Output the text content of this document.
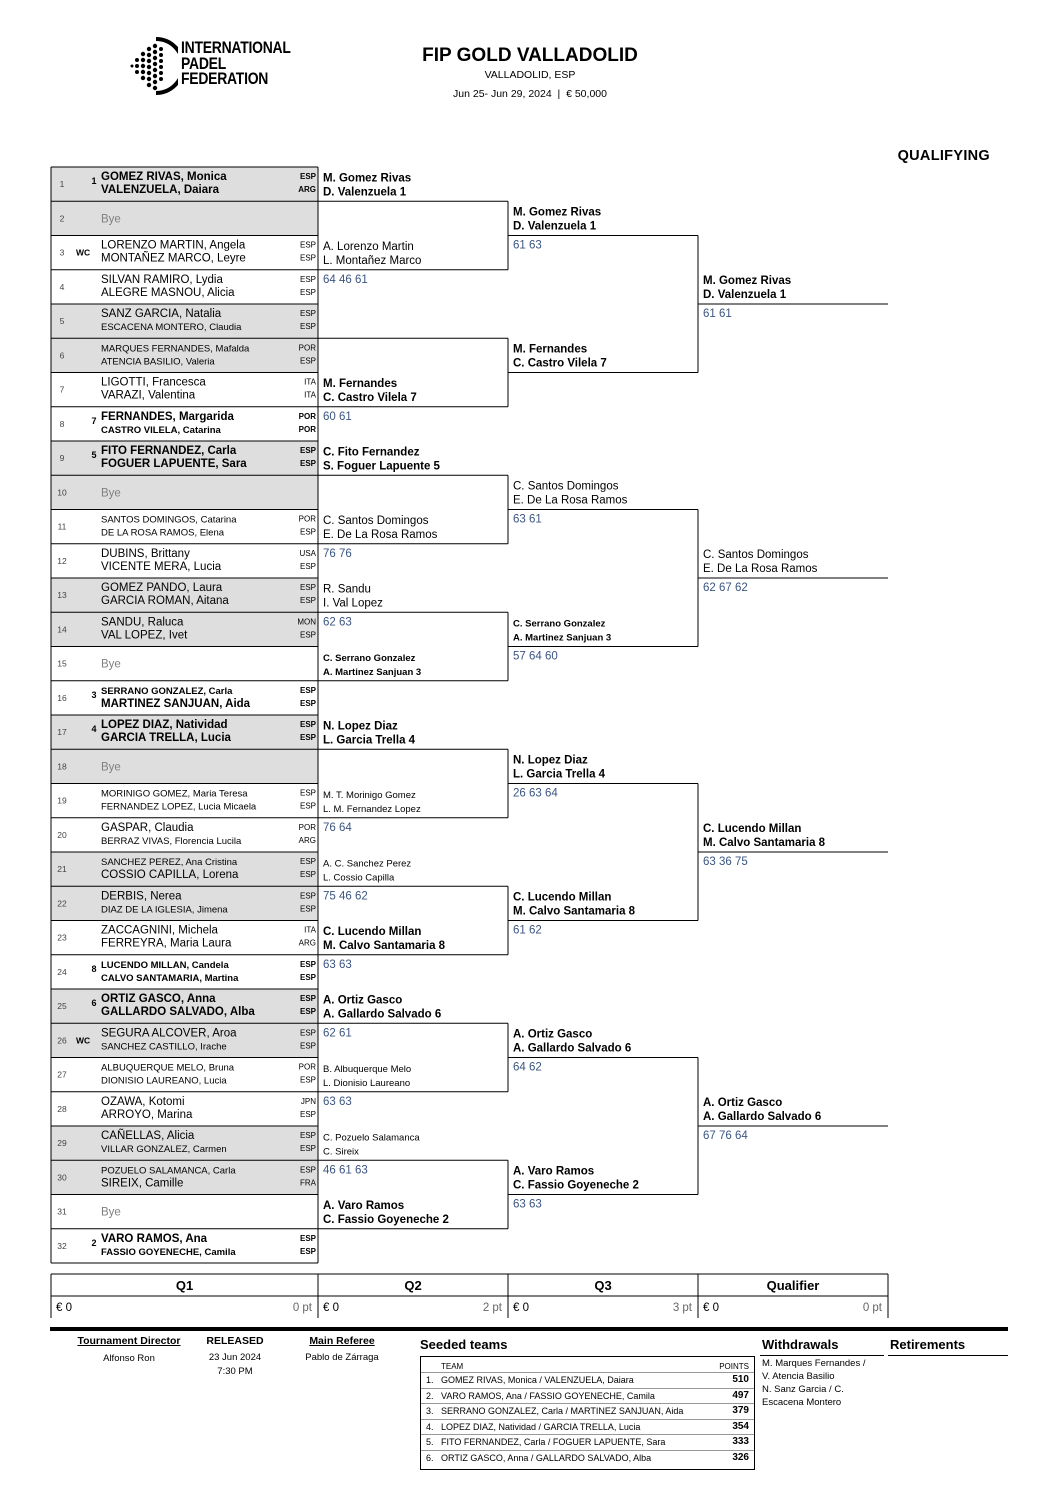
INTERNATIONAL
PADEL
FEDERATION
FIP GOLD VALLADOLID
VALLADOLID, ESP
Jun 25- Jun 29, 2024  |  € 50,000
QUALIFYING
1	1 GOMEZ RIVAS, Monica	ESP
VALENZUELA, Daiara	ARG
2	Bye
3 WC
LORENZO MARTIN, Angela	ESP
MONTAÑEZ MARCO, Leyre	ESP
4
SILVAN RAMIRO, Lydia	ESP
ALEGRE MASNOU, Alicia	ESP
5
SANZ GARCIA, Natalia	ESP
ESCACENA MONTERO, Claudia	ESP
6
MARQUES FERNANDES, Mafalda	POR
ATENCIA BASILIO, Valeria	ESP
7
LIGOTTI, Francesca	ITA
VARAZI, Valentina	ITA
8	7 FERNANDES, Margarida	POR
CASTRO VILELA, Catarina	POR
9	5 FITO FERNANDEZ, Carla	ESP
FOGUER LAPUENTE, Sara	ESP
10	Bye
11
SANTOS DOMINGOS, Catarina	POR
DE LA ROSA RAMOS, Elena	ESP
12
DUBINS, Brittany	USA
VICENTE MERA, Lucia	ESP
13
GOMEZ PANDO, Laura	ESP
GARCIA ROMAN, Aitana	ESP
14
SANDU, Raluca	MON
VAL LOPEZ, Ivet	ESP
15	Bye
16	3 SERRANO GONZALEZ, Carla	ESP
MARTINEZ SANJUAN, Aida	ESP
17	4 LOPEZ DIAZ, Natividad	ESP
GARCIA TRELLA, Lucia	ESP
18	Bye
19
MORINIGO GOMEZ, Maria Teresa	ESP
FERNANDEZ LOPEZ, Lucia Micaela	ESP
20
GASPAR, Claudia	POR
BERRAZ VIVAS, Florencia Lucila	ARG
21
SANCHEZ PEREZ, Ana Cristina	ESP
COSSIO CAPILLA, Lorena	ESP
22
DERBIS, Nerea	ESP
DIAZ DE LA IGLESIA, Jimena	ESP
23
ZACCAGNINI, Michela	ITA
FERREYRA, Maria Laura	ARG
24	8 LUCENDO MILLAN, Candela	ESP
CALVO SANTAMARIA, Martina	ESP
25	6 ORTIZ GASCO, Anna	ESP
GALLARDO SALVADO, Alba	ESP
26 WC
SEGURA ALCOVER, Aroa	ESP
SANCHEZ CASTILLO, Irache	ESP
27
ALBUQUERQUE MELO, Bruna	POR
DIONISIO LAUREANO, Lucia	ESP
28
OZAWA, Kotomi	JPN
ARROYO, Marina	ESP
29
CAÑELLAS, Alicia	ESP
VILLAR GONZALEZ, Carmen	ESP
30
POZUELO SALAMANCA, Carla	ESP
SIREIX, Camille	FRA
31	Bye
32	2 VARO RAMOS, Ana	ESP
FASSIO GOYENECHE, Camila	ESP
M. Gomez Rivas
D. Valenzuela 1
A. Lorenzo Martin
L. Montañez Marco
64 46 61
M. Fernandes
C. Castro Vilela 7
60 61
C. Fito Fernandez
S. Foguer Lapuente 5
C. Santos Domingos
E. De La Rosa Ramos
76 76
R. Sandu
I. Val Lopez
62 63
C. Serrano Gonzalez
A. Martinez Sanjuan 3
N. Lopez Diaz
L. Garcia Trella 4
M. T. Morinigo Gomez
L. M. Fernandez Lopez
76 64
A. C. Sanchez Perez
L. Cossio Capilla
75 46 62
C. Lucendo Millan
M. Calvo Santamaria 8
63 63
A. Ortiz Gasco
A. Gallardo Salvado 6
62 61
B. Albuquerque Melo
L. Dionisio Laureano
63 63
C. Pozuelo Salamanca
C. Sireix
46 61 63
A. Varo Ramos
C. Fassio Goyeneche 2
M. Gomez Rivas
D. Valenzuela 1
61 63
M. Fernandes
C. Castro Vilela 7
C. Santos Domingos
E. De La Rosa Ramos
63 61
C. Serrano Gonzalez
A. Martinez Sanjuan 3
57 64 60
N. Lopez Diaz
L. Garcia Trella 4
26 63 64
C. Lucendo Millan
M. Calvo Santamaria 8
61 62
A. Ortiz Gasco
A. Gallardo Salvado 6
64 62
A. Varo Ramos
C. Fassio Goyeneche 2
63 63
M. Gomez Rivas
D. Valenzuela 1
61 61
C. Santos Domingos
E. De La Rosa Ramos
62 67 62
C. Lucendo Millan
M. Calvo Santamaria 8
63 36 75
A. Ortiz Gasco
A. Gallardo Salvado 6
67 76 64
Q1
€ 0	0 pt
Q2
€ 0	2 pt
Q3
€ 0	3 pt
Qualifier
€ 0	0 pt
Tournament Director
Alfonso Ron
RELEASED
23 Jun 2024
7:30 PM
Main Referee
Pablo de Zárraga
Seeded teams
TEAM	POINTS
1. GOMEZ RIVAS, Monica / VALENZUELA, Daiara	510
2. VARO RAMOS, Ana / FASSIO GOYENECHE, Camila	497
3. SERRANO GONZALEZ, Carla / MARTINEZ SANJUAN, Aida	379
4. LOPEZ DIAZ, Natividad / GARCIA TRELLA, Lucia	354
5. FITO FERNANDEZ, Carla / FOGUER LAPUENTE, Sara	333
6. ORTIZ GASCO, Anna / GALLARDO SALVADO, Alba	326
Withdrawals
M. Marques Fernandes /
V. Atencia Basilio
N. Sanz Garcia / C.
Escacena Montero
Retirements
